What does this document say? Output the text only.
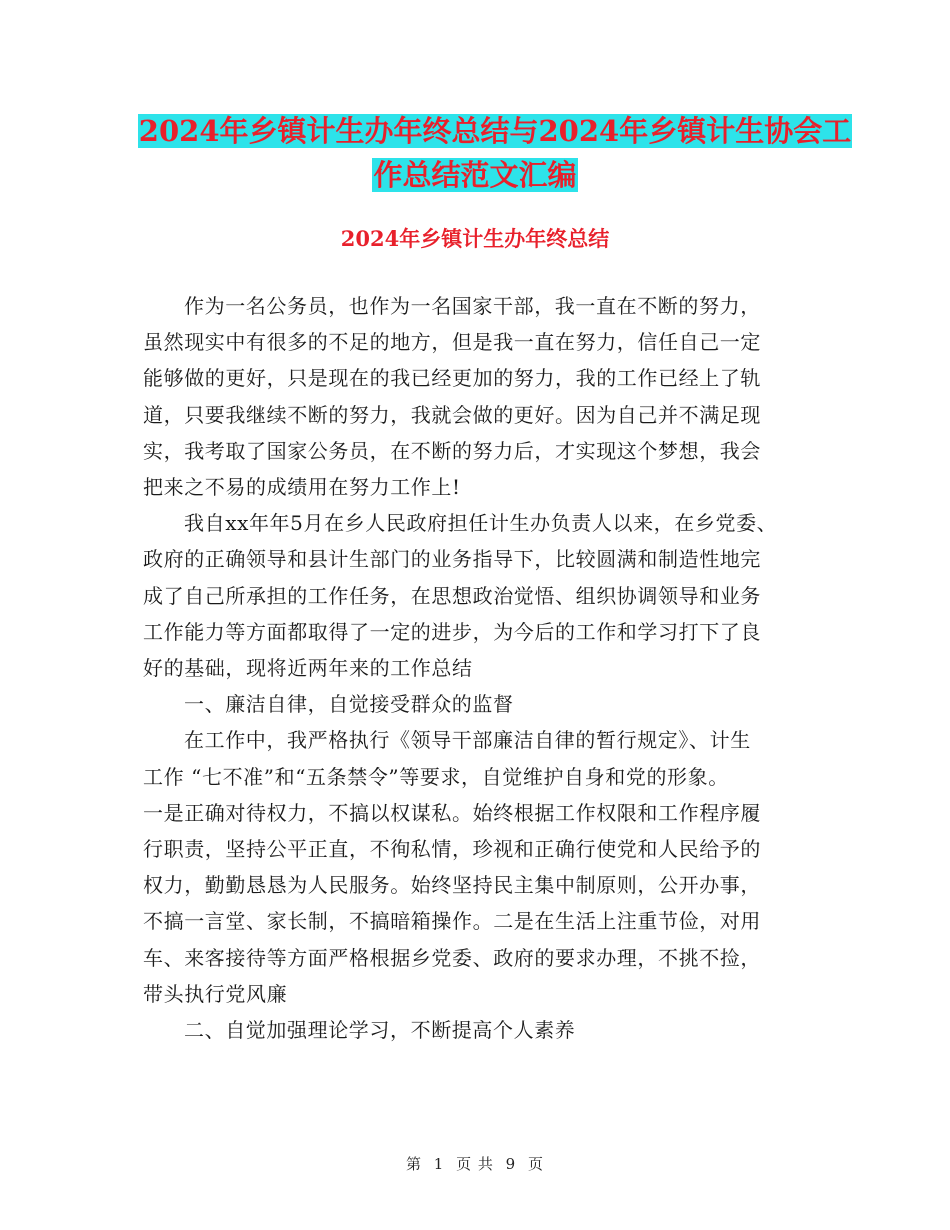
2024年乡镇计生办年终总结与2024年乡镇计生协会工
作总结范文汇编
2024年乡镇计生办年终总结
作为一名公务员，也作为一名国家干部，我一直在不断的努力，
虽然现实中有很多的不足的地方，但是我一直在努力，信任自己一定
能够做的更好，只是现在的我已经更加的努力，我的工作已经上了轨
道，只要我继续不断的努力，我就会做的更好。因为自己并不满足现
实，我考取了国家公务员，在不断的努力后，才实现这个梦想，我会
把来之不易的成绩用在努力工作上!
我自xx年年5月在乡人民政府担任计生办负责人以来，在乡党委、
政府的正确领导和县计生部门的业务指导下，比较圆满和制造性地完
成了自己所承担的工作任务，在思想政治觉悟、组织协调领导和业务
工作能力等方面都取得了一定的进步，为今后的工作和学习打下了良
好的基础，现将近两年来的工作总结
一、廉洁自律，自觉接受群众的监督
在工作中，我严格执行《领导干部廉洁自律的暂行规定》、计生
工作 “七不准”和“五条禁令”等要求，自觉维护自身和党的形象。
一是正确对待权力，不搞以权谋私。始终根据工作权限和工作程序履
行职责，坚持公平正直，不徇私情，珍视和正确行使党和人民给予的
权力，勤勤恳恳为人民服务。始终坚持民主集中制原则，公开办事，
不搞一言堂、家长制，不搞暗箱操作。二是在生活上注重节俭，对用
车、来客接待等方面严格根据乡党委、政府的要求办理，不挑不捡，
带头执行党风廉
二、自觉加强理论学习，不断提高个人素养
第 1 页 共 9 页
